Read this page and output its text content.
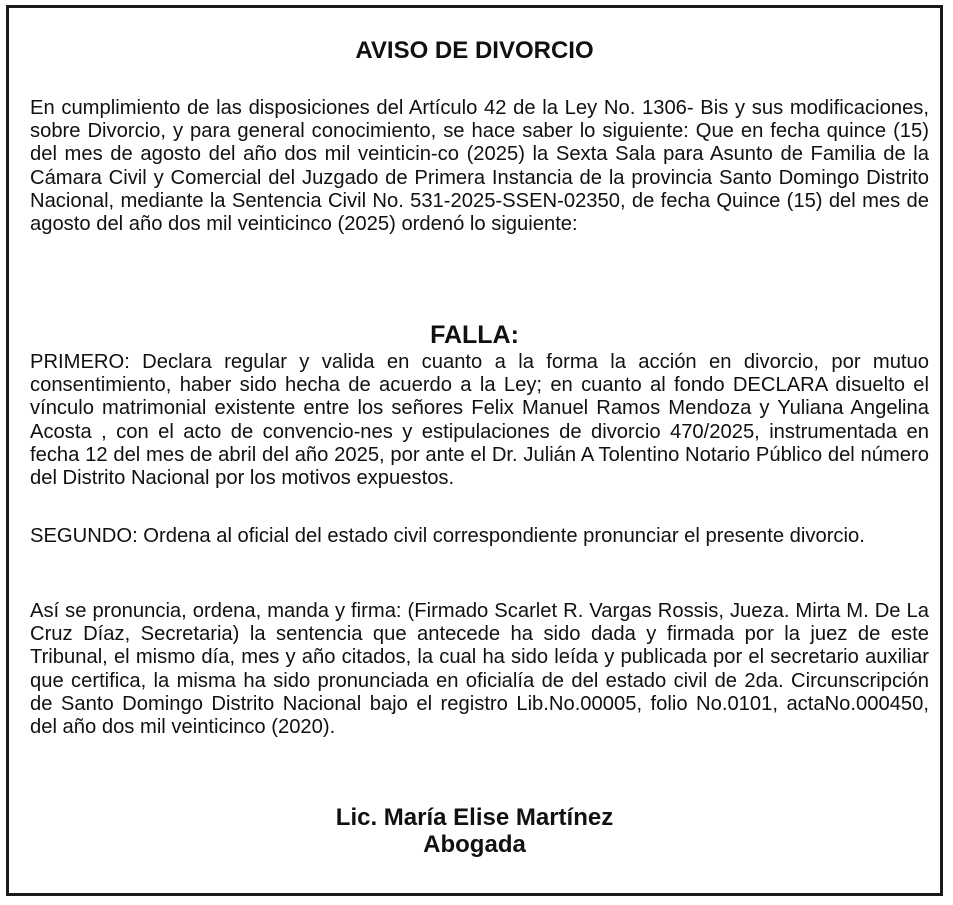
AVISO DE DIVORCIO

En cumplimiento de las disposiciones del Artículo 42 de la Ley No. 1306- Bis y sus modificaciones, sobre Divorcio, y para general conocimiento, se hace saber lo siguiente: Que en fecha quince (15) del mes de agosto del año dos mil veinticin-co (2025) la Sexta Sala para Asunto de Familia de la Cámara Civil y Comercial del Juzgado de Primera Instancia de la provincia Santo Domingo Distrito Nacional, mediante la Sentencia Civil No. 531-2025-SSEN-02350, de fecha Quince (15) del mes de agosto del año dos mil veinticinco (2025) ordenó lo siguiente:

FALLA:

PRIMERO: Declara regular y valida en cuanto a la forma la acción en divorcio, por mutuo consentimiento, haber sido hecha de acuerdo a la Ley; en cuanto al fondo DECLARA disuelto el vínculo matrimonial existente entre los señores Felix Manuel Ramos Mendoza y Yuliana Angelina Acosta , con el acto de convencio-nes y estipulaciones de divorcio 470/2025, instrumentada en fecha 12 del mes de abril del año 2025, por ante el Dr. Julián A Tolentino Notario Público del número del Distrito Nacional por los motivos expuestos.

SEGUNDO: Ordena al oficial del estado civil correspondiente pronunciar el presente divorcio.

Así se pronuncia, ordena, manda y firma: (Firmado Scarlet R. Vargas Rossis, Jueza. Mirta M. De La Cruz Díaz, Secretaria) la sentencia que antecede ha sido dada y firmada por la juez de este Tribunal, el mismo día, mes y año citados, la cual ha sido leída y publicada por el secretario auxiliar que certifica, la misma ha sido pronunciada en oficialía de del estado civil de 2da. Circunscripción de Santo Domingo Distrito Nacional bajo el registro Lib.No.00005, folio No.0101, actaNo.000450, del año dos mil veinticinco (2020).

Lic. María Elise Martínez

Abogada
